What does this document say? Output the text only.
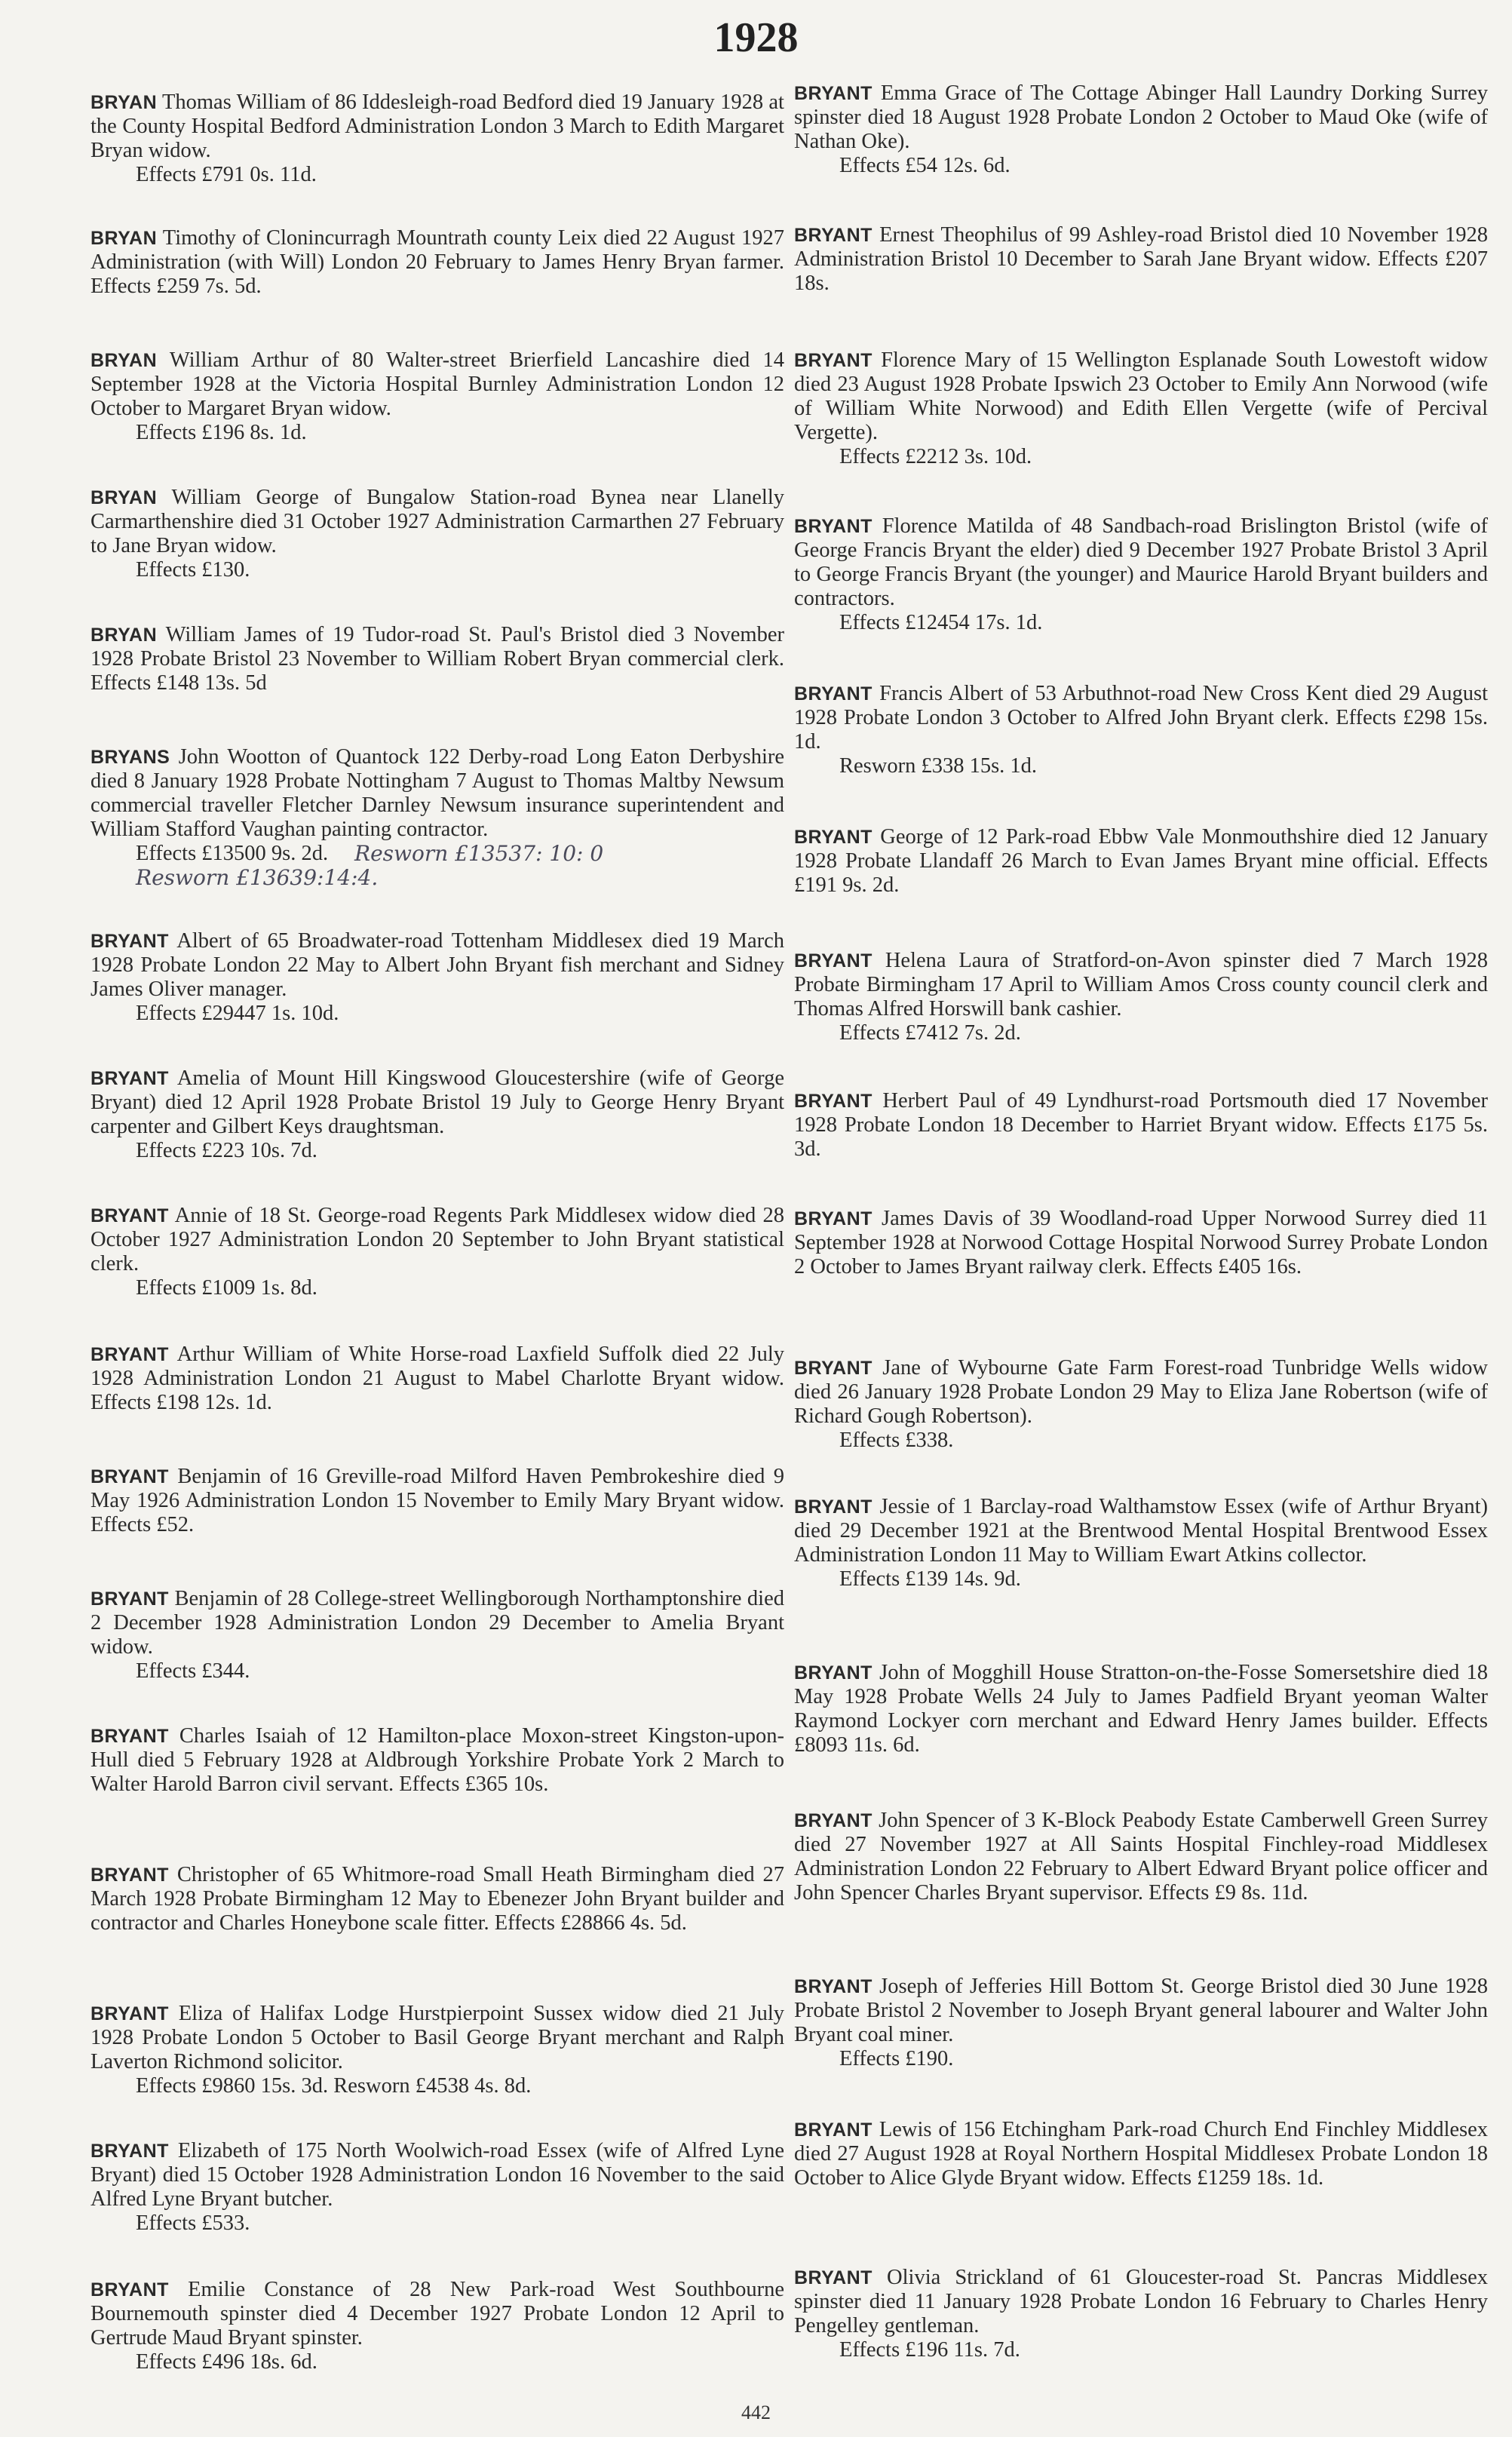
1928
BRYAN Thomas William of 86 Iddesleigh-road Bedford died 19 January 1928 at the County Hospital Bedford Administration London 3 March to Edith Margaret Bryan widow.
Effects £791 0s. 11d.
BRYAN Timothy of Clonincurragh Mountrath county Leix died 22 August 1927 Administration (with Will) London 20 February to James Henry Bryan farmer. Effects £259 7s. 5d.
BRYAN William Arthur of 80 Walter-street Brierfield Lancashire died 14 September 1928 at the Victoria Hospital Burnley Administration London 12 October to Margaret Bryan widow.
Effects £196 8s. 1d.
BRYAN William George of Bungalow Station-road Bynea near Llanelly Carmarthenshire died 31 October 1927 Administration Carmarthen 27 February to Jane Bryan widow.
Effects £130.
BRYAN William James of 19 Tudor-road St. Paul's Bristol died 3 November 1928 Probate Bristol 23 November to William Robert Bryan commercial clerk. Effects £148 13s. 5d
BRYANS John Wootton of Quantock 122 Derby-road Long Eaton Derbyshire died 8 January 1928 Probate Nottingham 7 August to Thomas Maltby Newsum commercial traveller Fletcher Darnley Newsum insurance superintendent and William Stafford Vaughan painting contractor.
Effects £13500 9s. 2d. Resworn £13537: 10: 0
Resworn £13639:14:4.
BRYANT Albert of 65 Broadwater-road Tottenham Middlesex died 19 March 1928 Probate London 22 May to Albert John Bryant fish merchant and Sidney James Oliver manager.
Effects £29447 1s. 10d.
BRYANT Amelia of Mount Hill Kingswood Gloucestershire (wife of George Bryant) died 12 April 1928 Probate Bristol 19 July to George Henry Bryant carpenter and Gilbert Keys draughtsman.
Effects £223 10s. 7d.
BRYANT Annie of 18 St. George-road Regents Park Middlesex widow died 28 October 1927 Administration London 20 September to John Bryant statistical clerk.
Effects £1009 1s. 8d.
BRYANT Arthur William of White Horse-road Laxfield Suffolk died 22 July 1928 Administration London 21 August to Mabel Charlotte Bryant widow. Effects £198 12s. 1d.
BRYANT Benjamin of 16 Greville-road Milford Haven Pembrokeshire died 9 May 1926 Administration London 15 November to Emily Mary Bryant widow. Effects £52.
BRYANT Benjamin of 28 College-street Wellingborough Northamptonshire died 2 December 1928 Administration London 29 December to Amelia Bryant widow.
Effects £344.
BRYANT Charles Isaiah of 12 Hamilton-place Moxon-street Kingston-upon-Hull died 5 February 1928 at Aldbrough Yorkshire Probate York 2 March to Walter Harold Barron civil servant. Effects £365 10s.
BRYANT Christopher of 65 Whitmore-road Small Heath Birmingham died 27 March 1928 Probate Birmingham 12 May to Ebenezer John Bryant builder and contractor and Charles Honeybone scale fitter. Effects £28866 4s. 5d.
BRYANT Eliza of Halifax Lodge Hurstpierpoint Sussex widow died 21 July 1928 Probate London 5 October to Basil George Bryant merchant and Ralph Laverton Richmond solicitor.
Effects £9860 15s. 3d. Resworn £4538 4s. 8d.
BRYANT Elizabeth of 175 North Woolwich-road Essex (wife of Alfred Lyne Bryant) died 15 October 1928 Administration London 16 November to the said Alfred Lyne Bryant butcher.
Effects £533.
BRYANT Emilie Constance of 28 New Park-road West Southbourne Bournemouth spinster died 4 December 1927 Probate London 12 April to Gertrude Maud Bryant spinster.
Effects £496 18s. 6d.
BRYANT Emma Grace of The Cottage Abinger Hall Laundry Dorking Surrey spinster died 18 August 1928 Probate London 2 October to Maud Oke (wife of Nathan Oke).
Effects £54 12s. 6d.
BRYANT Ernest Theophilus of 99 Ashley-road Bristol died 10 November 1928 Administration Bristol 10 December to Sarah Jane Bryant widow. Effects £207 18s.
BRYANT Florence Mary of 15 Wellington Esplanade South Lowestoft widow died 23 August 1928 Probate Ipswich 23 October to Emily Ann Norwood (wife of William White Norwood) and Edith Ellen Vergette (wife of Percival Vergette).
Effects £2212 3s. 10d.
BRYANT Florence Matilda of 48 Sandbach-road Brislington Bristol (wife of George Francis Bryant the elder) died 9 December 1927 Probate Bristol 3 April to George Francis Bryant (the younger) and Maurice Harold Bryant builders and contractors.
Effects £12454 17s. 1d.
BRYANT Francis Albert of 53 Arbuthnot-road New Cross Kent died 29 August 1928 Probate London 3 October to Alfred John Bryant clerk. Effects £298 15s. 1d.
Resworn £338 15s. 1d.
BRYANT George of 12 Park-road Ebbw Vale Monmouthshire died 12 January 1928 Probate Llandaff 26 March to Evan James Bryant mine official. Effects £191 9s. 2d.
BRYANT Helena Laura of Stratford-on-Avon spinster died 7 March 1928 Probate Birmingham 17 April to William Amos Cross county council clerk and Thomas Alfred Horswill bank cashier.
Effects £7412 7s. 2d.
BRYANT Herbert Paul of 49 Lyndhurst-road Portsmouth died 17 November 1928 Probate London 18 December to Harriet Bryant widow. Effects £175 5s. 3d.
BRYANT James Davis of 39 Woodland-road Upper Norwood Surrey died 11 September 1928 at Norwood Cottage Hospital Norwood Surrey Probate London 2 October to James Bryant railway clerk. Effects £405 16s.
BRYANT Jane of Wybourne Gate Farm Forest-road Tunbridge Wells widow died 26 January 1928 Probate London 29 May to Eliza Jane Robertson (wife of Richard Gough Robertson).
Effects £338.
BRYANT Jessie of 1 Barclay-road Walthamstow Essex (wife of Arthur Bryant) died 29 December 1921 at the Brentwood Mental Hospital Brentwood Essex Administration London 11 May to William Ewart Atkins collector.
Effects £139 14s. 9d.
BRYANT John of Mogghill House Stratton-on-the-Fosse Somersetshire died 18 May 1928 Probate Wells 24 July to James Padfield Bryant yeoman Walter Raymond Lockyer corn merchant and Edward Henry James builder. Effects £8093 11s. 6d.
BRYANT John Spencer of 3 K-Block Peabody Estate Camberwell Green Surrey died 27 November 1927 at All Saints Hospital Finchley-road Middlesex Administration London 22 February to Albert Edward Bryant police officer and John Spencer Charles Bryant supervisor. Effects £9 8s. 11d.
BRYANT Joseph of Jefferies Hill Bottom St. George Bristol died 30 June 1928 Probate Bristol 2 November to Joseph Bryant general labourer and Walter John Bryant coal miner.
Effects £190.
BRYANT Lewis of 156 Etchingham Park-road Church End Finchley Middlesex died 27 August 1928 at Royal Northern Hospital Middlesex Probate London 18 October to Alice Glyde Bryant widow. Effects £1259 18s. 1d.
BRYANT Olivia Strickland of 61 Gloucester-road St. Pancras Middlesex spinster died 11 January 1928 Probate London 16 February to Charles Henry Pengelley gentleman.
Effects £196 11s. 7d.
442
